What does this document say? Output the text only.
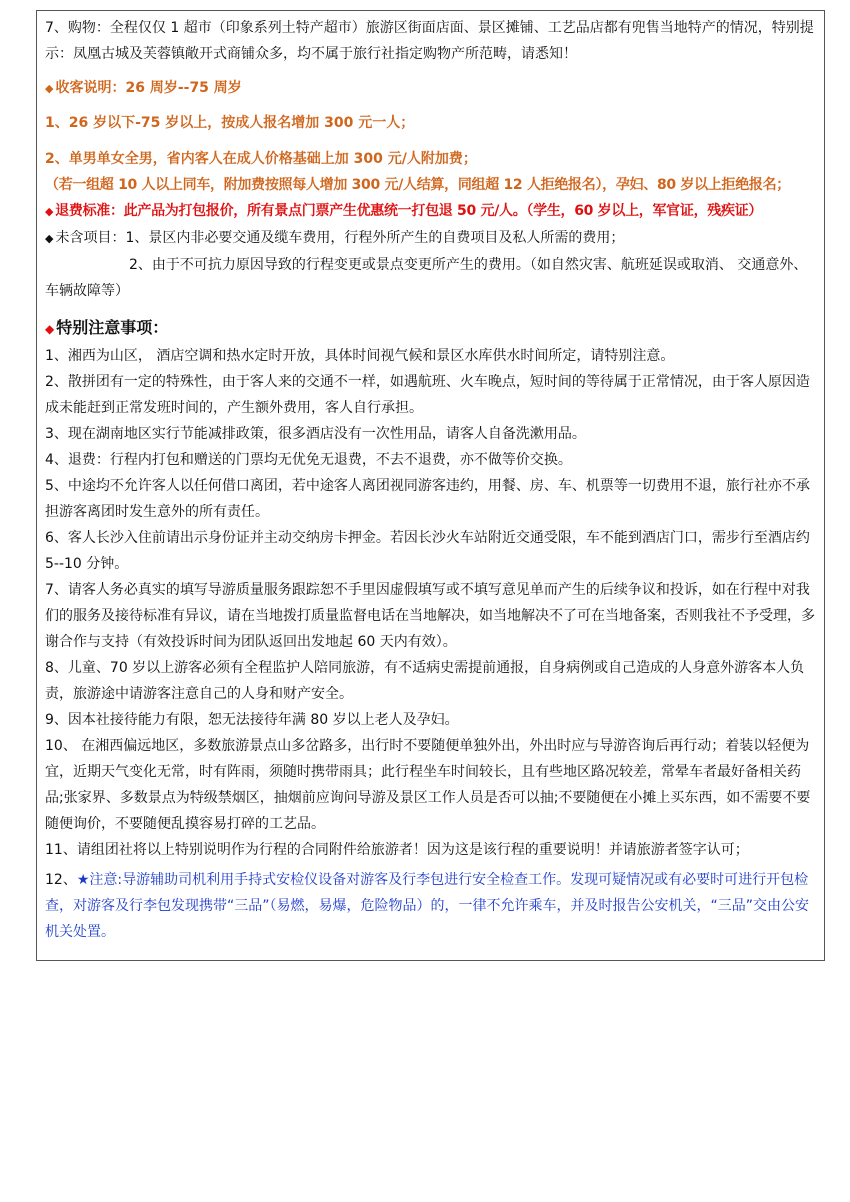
7、购物：全程仅仅 1 超市（印象系列土特产超市）旅游区街面店面、景区摊铺、工艺品店都有兜售当地特产的情况，特别提示：凤凰古城及芙蓉镇敞开式商铺众多，均不属于旅行社指定购物产所范畴，请悉知！

◆ 收客说明：26 周岁--75 周岁

1、26 岁以下-75 岁以上，按成人报名增加 300 元一人；

2、单男单女全男，省内客人在成人价格基础上加 300 元/人附加费；

（若一组超 10 人以上同车，附加费按照每人增加 300 元/人结算，同组超 12 人拒绝报名），孕妇、80 岁以上拒绝报名；

◆ 退费标准：此产品为打包报价，所有景点门票产生优惠统一打包退 50 元/人。（学生，60 岁以上，军官证，残疾证）

◆ 未含项目：1、景区内非必要交通及缆车费用，行程外所产生的自费项目及私人所需的费用；

2、由于不可抗力原因导致的行程变更或景点变更所产生的费用。（如自然灾害、航班延误或取消、 交通意外、车辆故障等）

◆ 特别注意事项：

1、湘西为山区， 酒店空调和热水定时开放，具体时间视气候和景区水库供水时间所定，请特别注意。

2、散拼团有一定的特殊性，由于客人来的交通不一样，如遇航班、火车晚点，短时间的等待属于正常情况，由于客人原因造成未能赶到正常发班时间的，产生额外费用，客人自行承担。

3、现在湖南地区实行节能减排政策，很多酒店没有一次性用品，请客人自备洗漱用品。

4、退费：行程内打包和赠送的门票均无优免无退费，不去不退费，亦不做等价交换。

5、中途均不允许客人以任何借口离团，若中途客人离团视同游客违约，用餐、房、车、机票等一切费用不退，旅行社亦不承担游客离团时发生意外的所有责任。

6、客人长沙入住前请出示身份证并主动交纳房卡押金。若因长沙火车站附近交通受限，车不能到酒店门口，需步行至酒店约 5--10 分钟。

7、请客人务必真实的填写导游质量服务跟踪恕不手里因虚假填写或不填写意见单而产生的后续争议和投诉，如在行程中对我们的服务及接待标准有异议，请在当地拨打质量监督电话在当地解决，如当地解决不了可在当地备案，否则我社不予受理，多谢合作与支持（有效投诉时间为团队返回出发地起 60 天内有效）。

8、儿童、70 岁以上游客必须有全程监护人陪同旅游，有不适病史需提前通报，自身病例或自己造成的人身意外游客本人负责，旅游途中请游客注意自己的人身和财产安全。

9、因本社接待能力有限，恕无法接待年满 80 岁以上老人及孕妇。

10、 在湘西偏远地区，多数旅游景点山多岔路多，出行时不要随便单独外出，外出时应与导游咨询后再行动；着装以轻便为宜，近期天气变化无常，时有阵雨，须随时携带雨具；此行程坐车时间较长，且有些地区路况较差，常晕车者最好备相关药品;张家界、多数景点为特级禁烟区，抽烟前应询问导游及景区工作人员是否可以抽;不要随便在小摊上买东西，如不需要不要随便询价，不要随便乱摸容易打碎的工艺品。

11、请组团社将以上特别说明作为行程的合同附件给旅游者！因为这是该行程的重要说明！并请旅游者签字认可；

12、★注意:导游辅助司机利用手持式安检仪设备对游客及行李包进行安全检查工作。发现可疑情况或有必要时可进行开包检查，对游客及行李包发现携带“三品”（易燃，易爆，危险物品）的，一律不允许乘车，并及时报告公安机关，“三品”交由公安机关处置。
